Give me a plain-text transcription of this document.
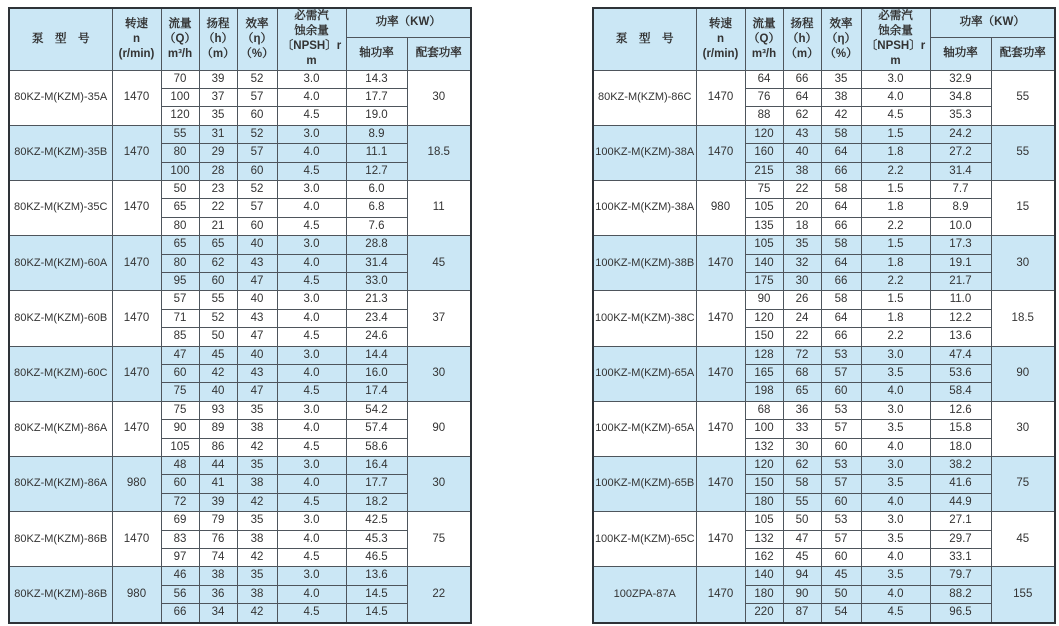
泵　型　号	
转速
n
(r/min)

流量
（Q）
m³/h

扬程
（h）
（m）

效率
（η）
（%）

必需汽
蚀余量
〔NPSH〕r
m
	功率（KW）
						轴功率	配套功率
80KZ-M(KZM)-35A	1470	70	39	52	3.0	14.3	30
		100	37	57	4.0	17.7	
		120	35	60	4.5	19.0	
80KZ-M(KZM)-35B	1470	55	31	52	3.0	8.9	18.5
		80	29	57	4.0	11.1	
		100	28	60	4.5	12.7	
80KZ-M(KZM)-35C	1470	50	23	52	3.0	6.0	11
		65	22	57	4.0	6.8	
		80	21	60	4.5	7.6	
80KZ-M(KZM)-60A	1470	65	65	40	3.0	28.8	45
		80	62	43	4.0	31.4	
		95	60	47	4.5	33.0	
80KZ-M(KZM)-60B	1470	57	55	40	3.0	21.3	37
		71	52	43	4.0	23.4	
		85	50	47	4.5	24.6	
80KZ-M(KZM)-60C	1470	47	45	40	3.0	14.4	30
		60	42	43	4.0	16.0	
		75	40	47	4.5	17.4	
80KZ-M(KZM)-86A	1470	75	93	35	3.0	54.2	90
		90	89	38	4.0	57.4	
		105	86	42	4.5	58.6	
80KZ-M(KZM)-86A	980	48	44	35	3.0	16.4	30
		60	41	38	4.0	17.7	
		72	39	42	4.5	18.2	
80KZ-M(KZM)-86B	1470	69	79	35	3.0	42.5	75
		83	76	38	4.0	45.3	
		97	74	42	4.5	46.5	
80KZ-M(KZM)-86B	980	46	38	35	3.0	13.6	22
		56	36	38	4.0	14.5	
		66	34	42	4.5	14.5	
泵　型　号	
转速
n
(r/min)

流量
（Q）
m³/h

扬程
（h）
（m）

效率
（η）
（%）

必需汽
蚀余量
〔NPSH〕r
m
	功率（KW）
						轴功率	配套功率
80KZ-M(KZM)-86C	1470	64	66	35	3.0	32.9	55
		76	64	38	4.0	34.8	
		88	62	42	4.5	35.3	
100KZ-M(KZM)-38A	1470	120	43	58	1.5	24.2	55
		160	40	64	1.8	27.2	
		215	38	66	2.2	31.4	
100KZ-M(KZM)-38A	980	75	22	58	1.5	7.7	15
		105	20	64	1.8	8.9	
		135	18	66	2.2	10.0	
100KZ-M(KZM)-38B	1470	105	35	58	1.5	17.3	30
		140	32	64	1.8	19.1	
		175	30	66	2.2	21.7	
100KZ-M(KZM)-38C	1470	90	26	58	1.5	11.0	18.5
		120	24	64	1.8	12.2	
		150	22	66	2.2	13.6	
100KZ-M(KZM)-65A	1470	128	72	53	3.0	47.4	90
		165	68	57	3.5	53.6	
		198	65	60	4.0	58.4	
100KZ-M(KZM)-65A	1470	68	36	53	3.0	12.6	30
		100	33	57	3.5	15.8	
		132	30	60	4.0	18.0	
100KZ-M(KZM)-65B	1470	120	62	53	3.0	38.2	75
		150	58	57	3.5	41.6	
		180	55	60	4.0	44.9	
100KZ-M(KZM)-65C	1470	105	50	53	3.0	27.1	45
		132	47	57	3.5	29.7	
		162	45	60	4.0	33.1	
100ZPA-87A	1470	140	94	45	3.5	79.7	155
		180	90	50	4.0	88.2	
		220	87	54	4.5	96.5	
